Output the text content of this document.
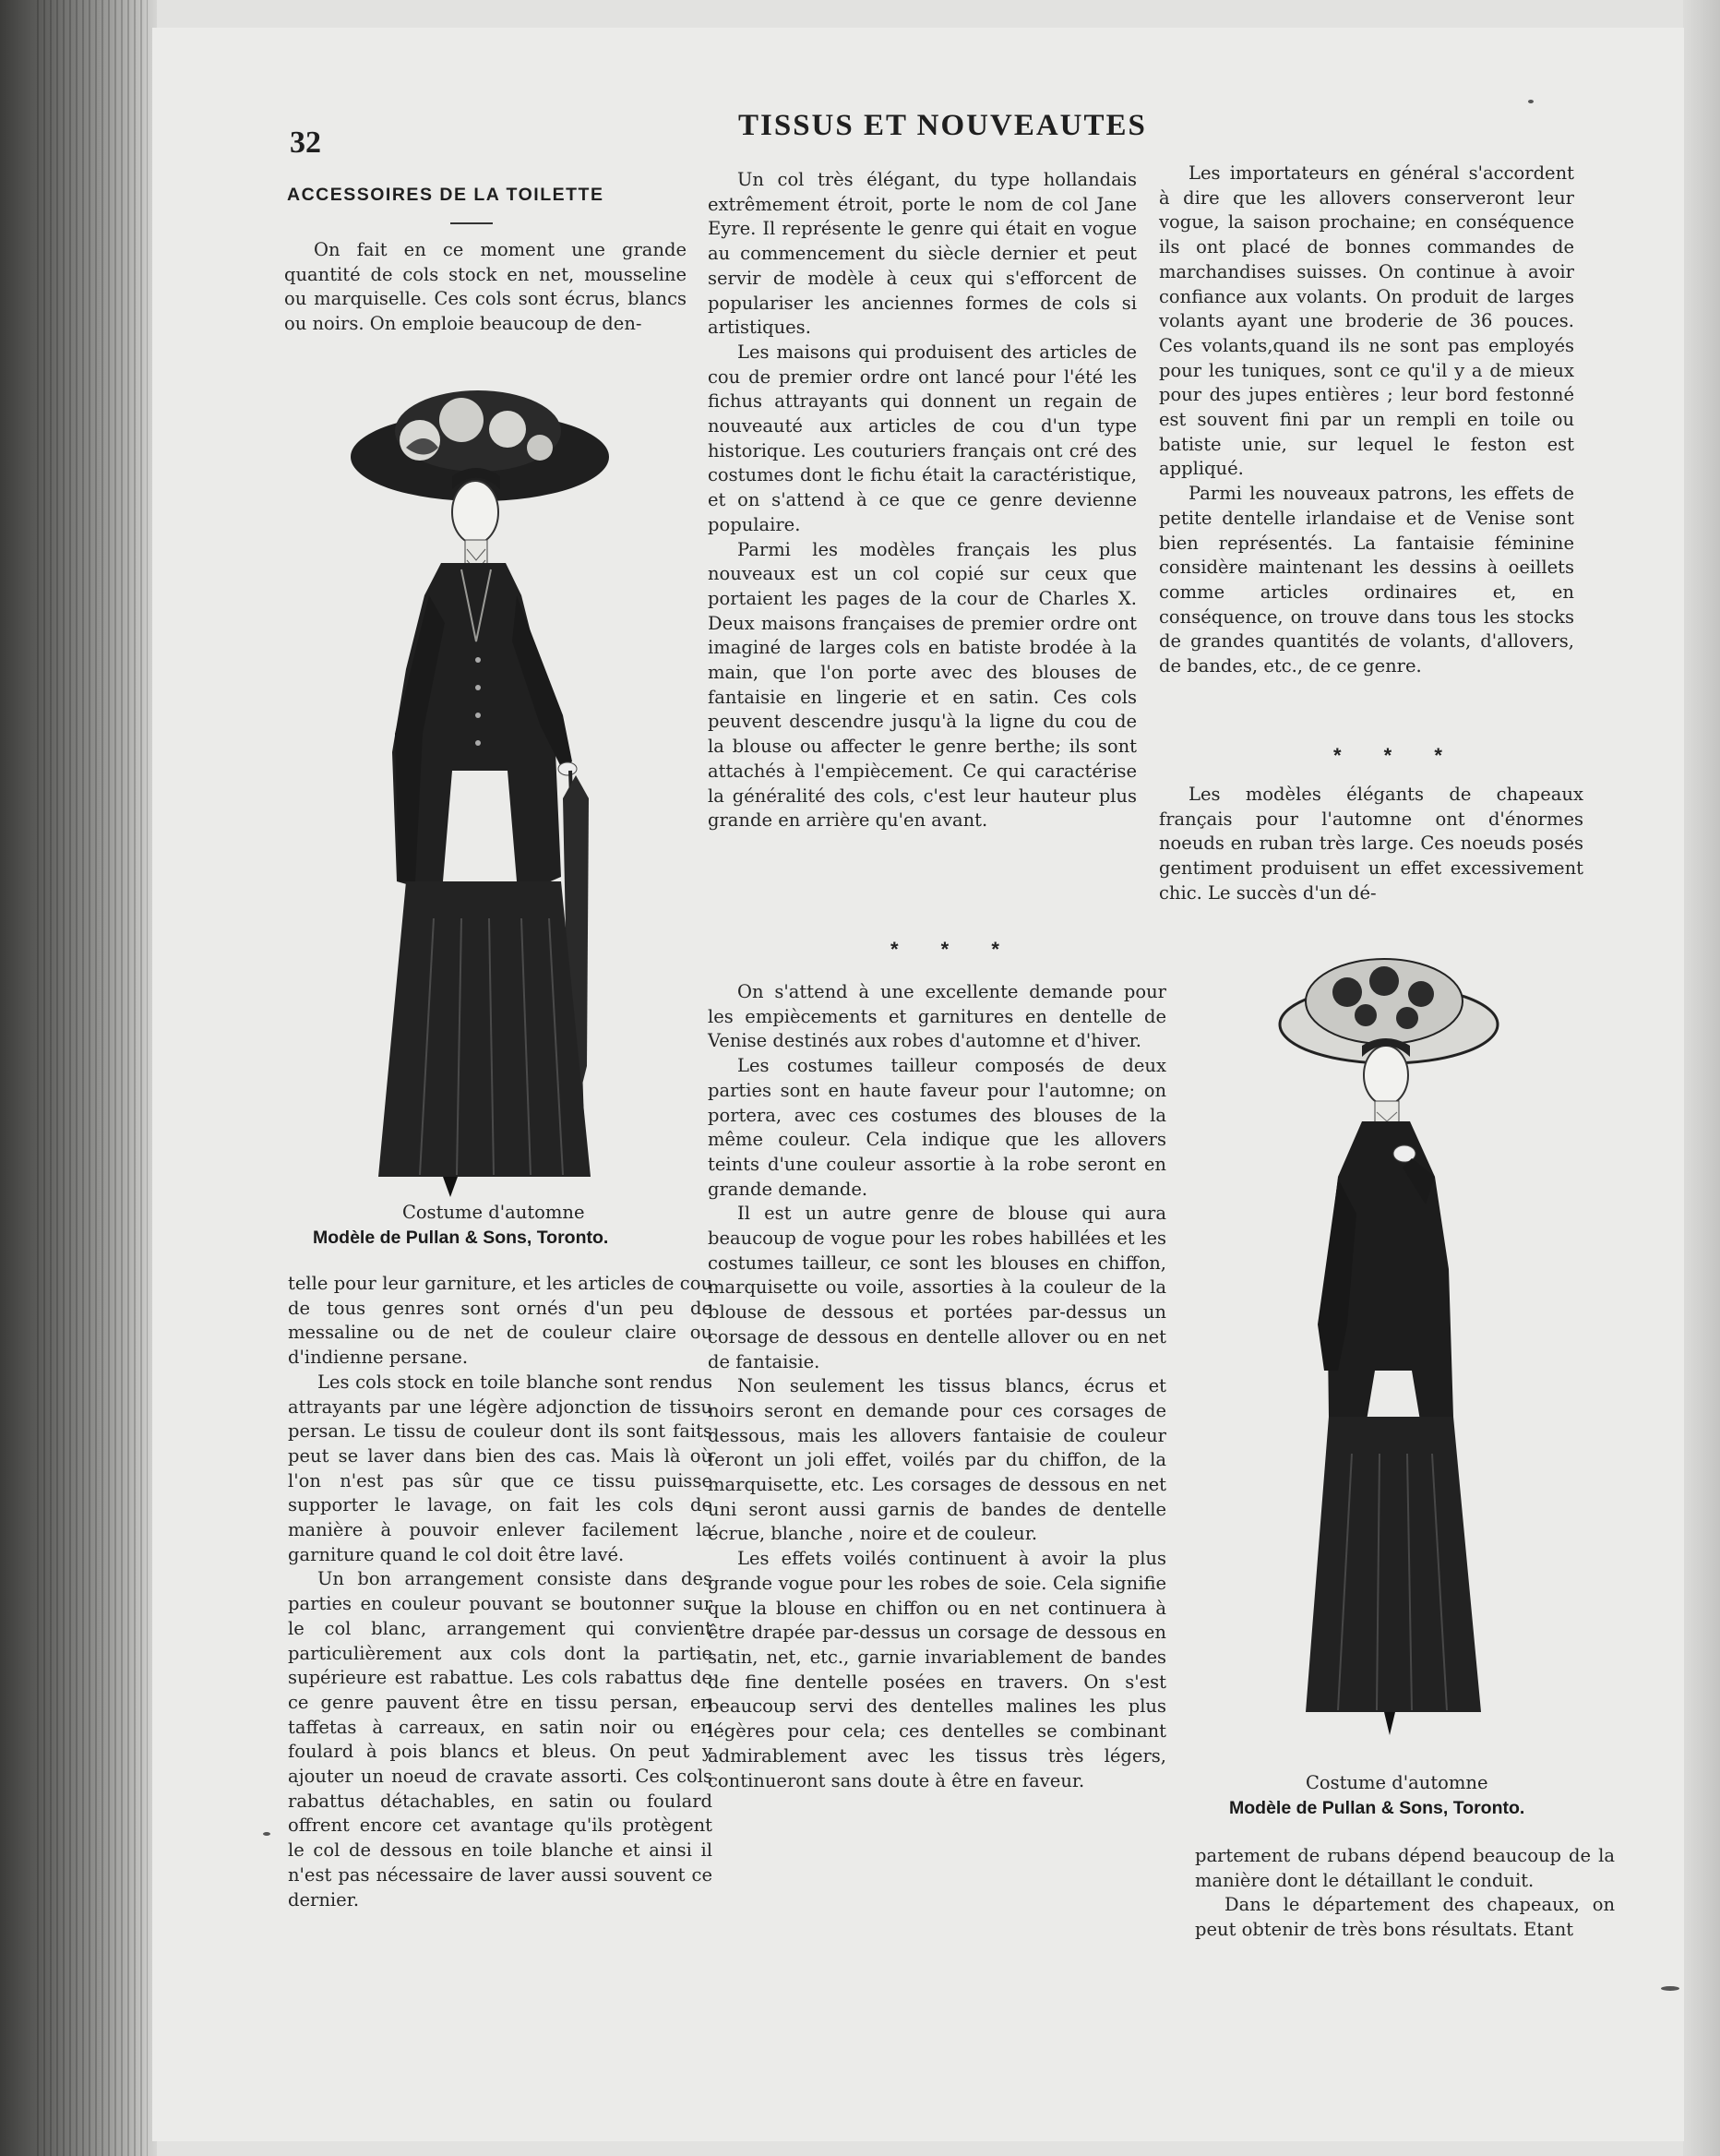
32	TISSUS ET NOUVEAUTES
ACCESSOIRES DE LA TOILETTE

On fait en ce moment une grande quantité de cols stock en net, mousseline ou marquiselle. Ces cols sont écrus, blancs ou noirs. On emploie beaucoup de den-

Costume d'automne
Modèle de Pullan & Sons, Toronto.

telle pour leur garniture, et les articles de cou de tous genres sont ornés d'un peu de messaline ou de net de couleur claire ou d'indienne persane.

Les cols stock en toile blanche sont rendus attrayants par une légère adjonction de tissu persan. Le tissu de couleur dont ils sont faits peut se laver dans bien des cas. Mais là où l'on n'est pas sûr que ce tissu puisse supporter le lavage, on fait les cols de manière à pouvoir enlever facilement la garniture quand le col doit être lavé.

Un bon arrangement consiste dans des parties en couleur pouvant se boutonner sur le col blanc, arrangement qui convient particulièrement aux cols dont la partie supérieure est rabattue. Les cols rabattus de ce genre pauvent être en tissu persan, en taffetas à carreaux, en satin noir ou en foulard à pois blancs et bleus. On peut y ajouter un noeud de cravate assorti. Ces cols rabattus détachables, en satin ou foulard offrent encore cet avantage qu'ils protègent le col de dessous en toile blanche et ainsi il n'est pas nécessaire de laver aussi souvent ce dernier.

Un col très élégant, du type hollandais extrêmement étroit, porte le nom de col Jane Eyre. Il représente le genre qui était en vogue au commencement du siècle dernier et peut servir de modèle à ceux qui s'efforcent de populariser les anciennes formes de cols si artistiques.

Les maisons qui produisent des articles de cou de premier ordre ont lancé pour l'été les fichus attrayants qui donnent un regain de nouveauté aux articles de cou d'un type historique. Les couturiers français ont cré des costumes dont le fichu était la caractéristique, et on s'attend à ce que ce genre devienne populaire.

Parmi les modèles français les plus nouveaux est un col copié sur ceux que portaient les pages de la cour de Charles X. Deux maisons françaises de premier ordre ont imaginé de larges cols en batiste brodée à la main, que l'on porte avec des blouses de fantaisie en lingerie et en satin. Ces cols peuvent descendre jusqu'à la ligne du cou de la blouse ou affecter le genre berthe; ils sont attachés à l'empiècement. Ce qui caractérise la généralité des cols, c'est leur hauteur plus grande en arrière qu'en avant.

* * *

On s'attend à une excellente demande pour les empiècements et garnitures en dentelle de Venise destinés aux robes d'automne et d'hiver.

Les costumes tailleur composés de deux parties sont en haute faveur pour l'automne; on portera, avec ces costumes des blouses de la même couleur. Cela indique que les allovers teints d'une couleur assortie à la robe seront en grande demande.

Il est un autre genre de blouse qui aura beaucoup de vogue pour les robes habillées et les costumes tailleur, ce sont les blouses en chiffon, marquisette ou voile, assorties à la couleur de la blouse de dessous et portées par-dessus un corsage de dessous en dentelle allover ou en net de fantaisie.

Non seulement les tissus blancs, écrus et noirs seront en demande pour ces corsages de dessous, mais les allovers fantaisie de couleur feront un joli effet, voilés par du chiffon, de la marquisette, etc. Les corsages de dessous en net uni seront aussi garnis de bandes de dentelle écrue, blanche , noire et de couleur.

Les effets voilés continuent à avoir la plus grande vogue pour les robes de soie. Cela signifie que la blouse en chiffon ou en net continuera à être drapée par-dessus un corsage de dessous en satin, net, etc., garnie invariablement de bandes de fine dentelle posées en travers. On s'est beaucoup servi des dentelles malines les plus légères pour cela; ces dentelles se combinant admirablement avec les tissus très légers, continueront sans doute à être en faveur.

Les importateurs en général s'accordent à dire que les allovers conserveront leur vogue, la saison prochaine; en conséquence ils ont placé de bonnes commandes de marchandises suisses. On continue à avoir confiance aux volants. On produit de larges volants ayant une broderie de 36 pouces. Ces volants,quand ils ne sont pas employés pour les tuniques, sont ce qu'il y a de mieux pour des jupes entières ; leur bord festonné est souvent fini par un rempli en toile ou batiste unie, sur lequel le feston est appliqué.

Parmi les nouveaux patrons, les effets de petite dentelle irlandaise et de Venise sont bien représentés. La fantaisie féminine considère maintenant les dessins à oeillets comme articles ordinaires et, en conséquence, on trouve dans tous les stocks de grandes quantités de volants, d'allovers, de bandes, etc., de ce genre.

* * *

Les modèles élégants de chapeaux français pour l'automne ont d'énormes noeuds en ruban très large. Ces noeuds posés gentiment produisent un effet excessivement chic. Le succès d'un dé-

Costume d'automne
Modèle de Pullan & Sons, Toronto.

partement de rubans dépend beaucoup de la manière dont le détaillant le conduit.

Dans le département des chapeaux, on peut obtenir de très bons résultats. Etant
